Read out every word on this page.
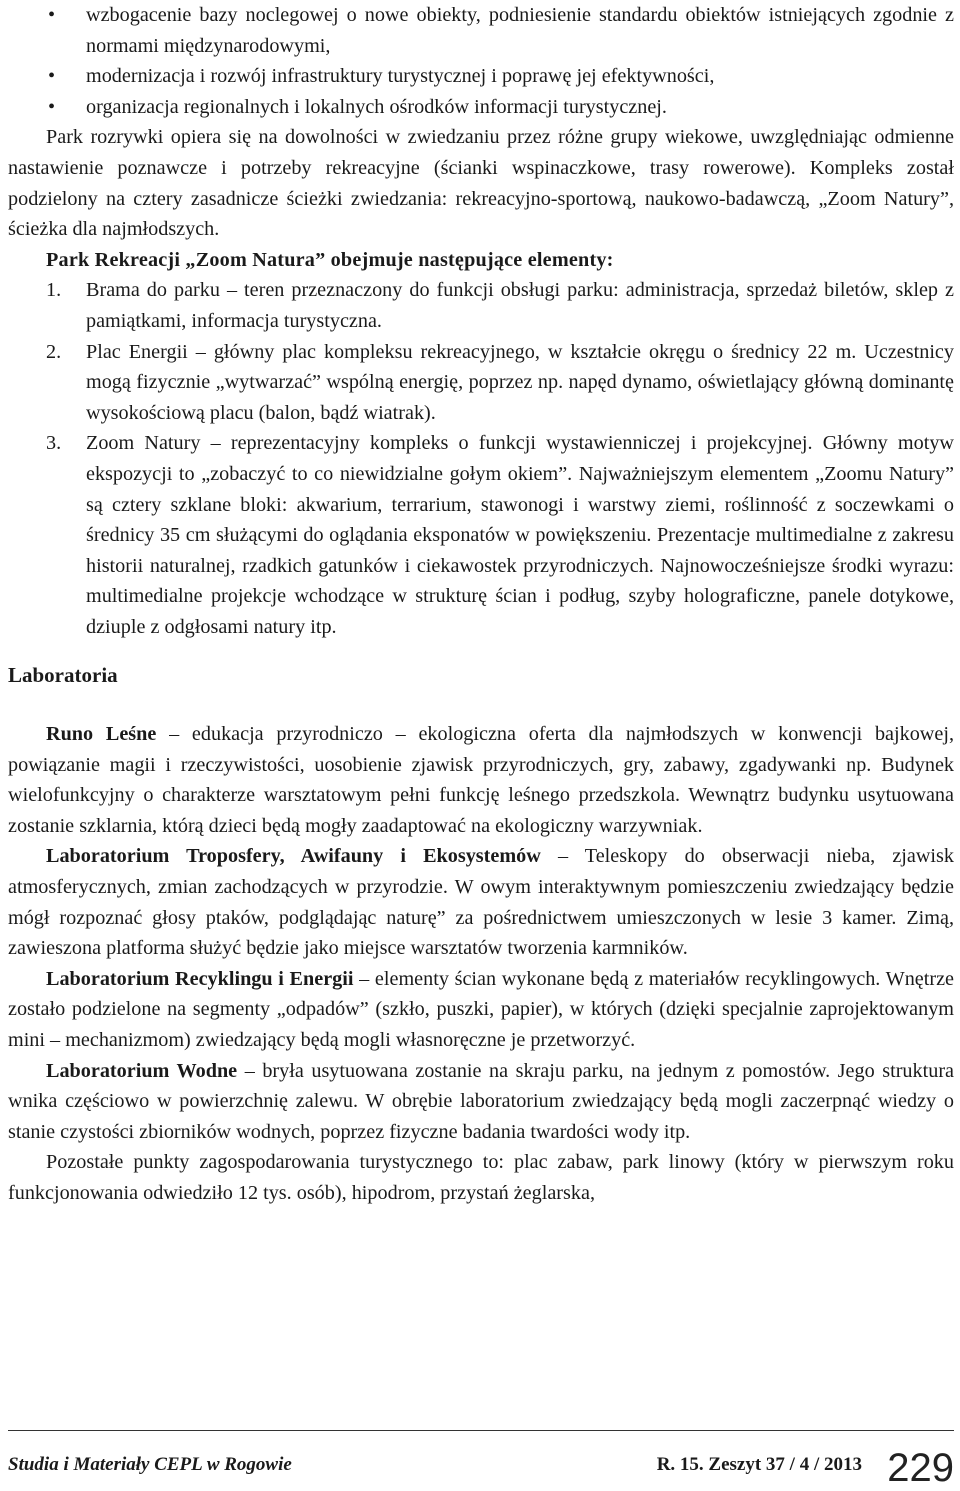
• wzbogacenie bazy noclegowej o nowe obiekty, podniesienie standardu obiektów istniejących zgodnie z normami międzynarodowymi,
• modernizacja i rozwój infrastruktury turystycznej i poprawę jej efektywności,
• organizacja regionalnych i lokalnych ośrodków informacji turystycznej.

Park rozrywki opiera się na dowolności w zwiedzaniu przez różne grupy wiekowe, uwzględniając odmienne nastawienie poznawcze i potrzeby rekreacyjne (ścianki wspinaczkowe, trasy rowerowe). Kompleks został podzielony na cztery zasadnicze ścieżki zwiedzania: rekreacyjno-sportową, naukowo-badawczą, „Zoom Natury”, ścieżka dla najmłodszych.

Park Rekreacji „Zoom Natura” obejmuje następujące elementy:
1. Brama do parku – teren przeznaczony do funkcji obsługi parku: administracja, sprzedaż biletów, sklep z pamiątkami, informacja turystyczna.
2. Plac Energii – główny plac kompleksu rekreacyjnego, w kształcie okręgu o średnicy 22 m. Uczestnicy mogą fizycznie „wytwarzać” wspólną energię, poprzez np. napęd dynamo, oświetlający główną dominantę wysokościową placu (balon, bądź wiatrak).
3. Zoom Natury – reprezentacyjny kompleks o funkcji wystawienniczej i projekcyjnej. Główny motyw ekspozycji to „zobaczyć to co niewidzialne gołym okiem”. Najważniejszym elementem „Zoomu Natury” są cztery szklane bloki: akwarium, terrarium, stawonogi i warstwy ziemi, roślinność z soczewkami o średnicy 35 cm służącymi do oglądania eksponatów w powiększeniu. Prezentacje multimedialne z zakresu historii naturalnej, rzadkich gatunków i ciekawostek przyrodniczych. Najnowocześniejsze środki wyrazu: multimedialne projekcje wchodzące w strukturę ścian i podług, szyby holograficzne, panele dotykowe, dziuple z odgłosami natury itp.
Laboratoria

Runo Leśne – edukacja przyrodniczo – ekologiczna oferta dla najmłodszych w konwencji bajkowej, powiązanie magii i rzeczywistości, uosobienie zjawisk przyrodniczych, gry, zabawy, zgadywanki np. Budynek wielofunkcyjny o charakterze warsztatowym pełni funkcję leśnego przedszkola. Wewnątrz budynku usytuowana zostanie szklarnia, którą dzieci będą mogły zaadaptować na ekologiczny warzywniak.

Laboratorium Troposfery, Awifauny i Ekosystemów – Teleskopy do obserwacji nieba, zjawisk atmosferycznych, zmian zachodzących w przyrodzie. W owym interaktywnym pomieszczeniu zwiedzający będzie mógł rozpoznać głosy ptaków, podglądając naturę” za pośrednictwem umieszczonych w lesie 3 kamer. Zimą, zawieszona platforma służyć będzie jako miejsce warsztatów tworzenia karmników.

Laboratorium Recyklingu i Energii – elementy ścian wykonane będą z materiałów recyklingowych. Wnętrze zostało podzielone na segmenty „odpadów” (szkło, puszki, papier), w których (dzięki specjalnie zaprojektowanym mini – mechanizmom) zwiedzający będą mogli własnoręczne je przetworzyć.

Laboratorium Wodne – bryła usytuowana zostanie na skraju parku, na jednym z pomostów. Jego struktura wnika częściowo w powierzchnię zalewu. W obrębie laboratorium zwiedzający będą mogli zaczerpnąć wiedzy o stanie czystości zbiorników wodnych, poprzez fizyczne badania twardości wody itp.

Pozostałe punkty zagospodarowania turystycznego to: plac zabaw, park linowy (który w pierwszym roku funkcjonowania odwiedziło 12 tys. osób), hipodrom, przystań żeglarska,

Studia i Materiały CEPL w Rogowie	R. 15. Zeszyt 37 / 4 / 2013 229
